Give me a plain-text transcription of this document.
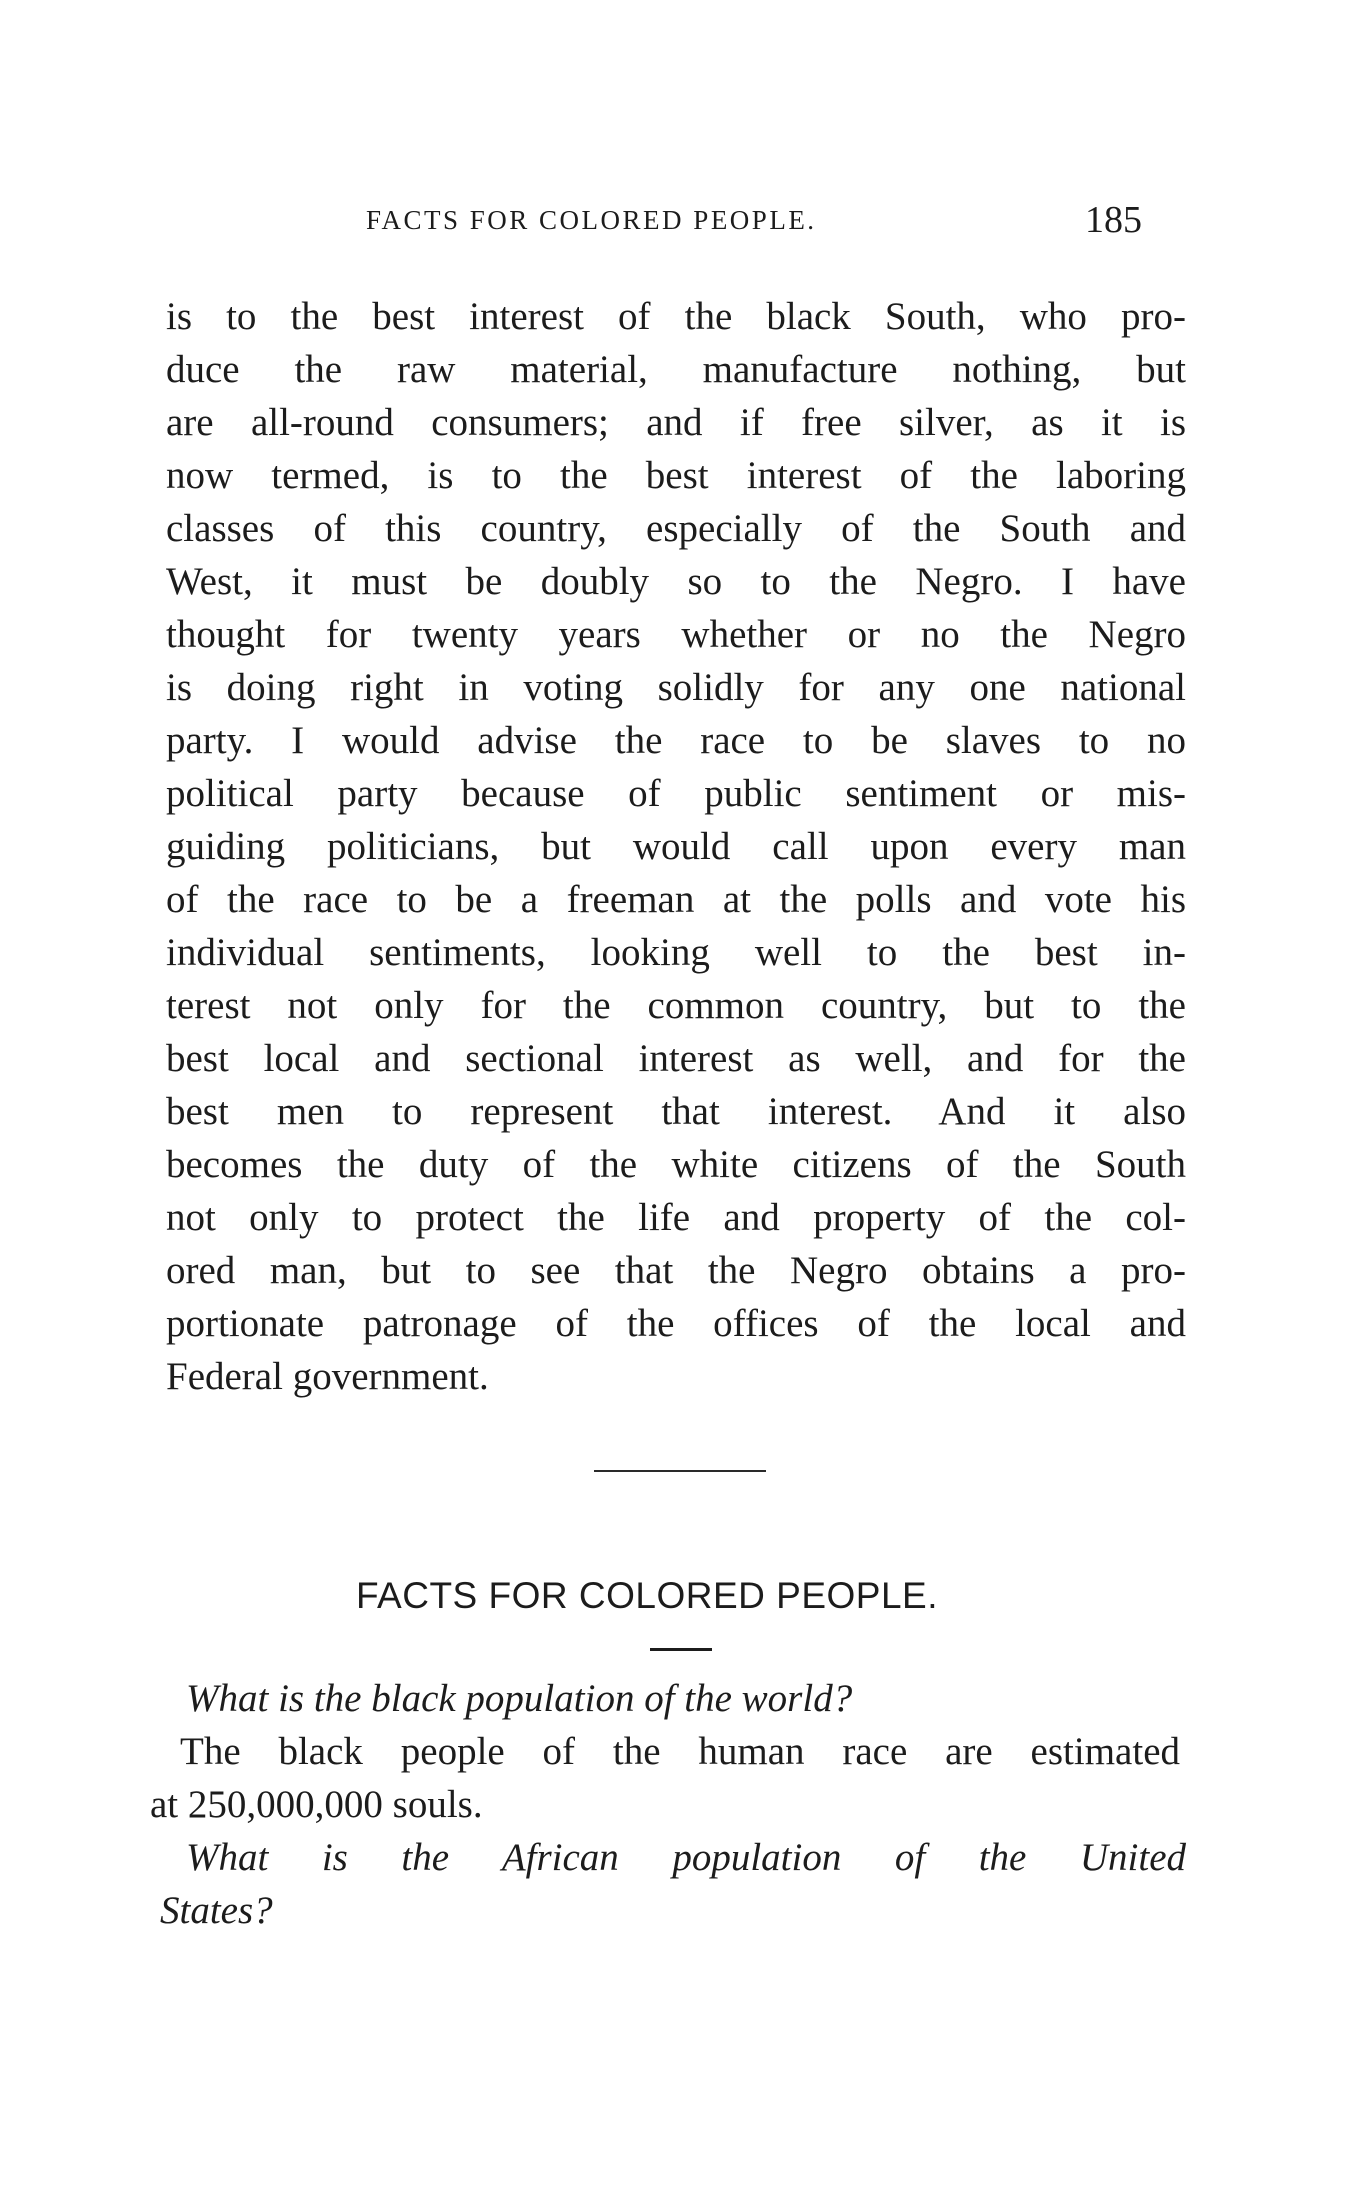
FACTS FOR COLORED PEOPLE.	185
is to the best interest of the black South, who pro-
duce the raw material, manufacture nothing, but
are all-round consumers; and if free silver, as it is
now termed, is to the best interest of the laboring
classes of this country, especially of the South and
West, it must be doubly so to the Negro. I have
thought for twenty years whether or no the Negro
is doing right in voting solidly for any one national
party. I would advise the race to be slaves to no
political party because of public sentiment or mis-
guiding politicians, but would call upon every man
of the race to be a freeman at the polls and vote his
individual sentiments, looking well to the best in-
terest not only for the common country, but to the
best local and sectional interest as well, and for the
best men to represent that interest. And it also
becomes the duty of the white citizens of the South
not only to protect the life and property of the col-
ored man, but to see that the Negro obtains a pro-
portionate patronage of the offices of the local and
Federal government.
FACTS FOR COLORED PEOPLE.
What is the black population of the world?
The black people of the human race are estimated
at 250,000,000 souls.
What is the African population of the United
States?
